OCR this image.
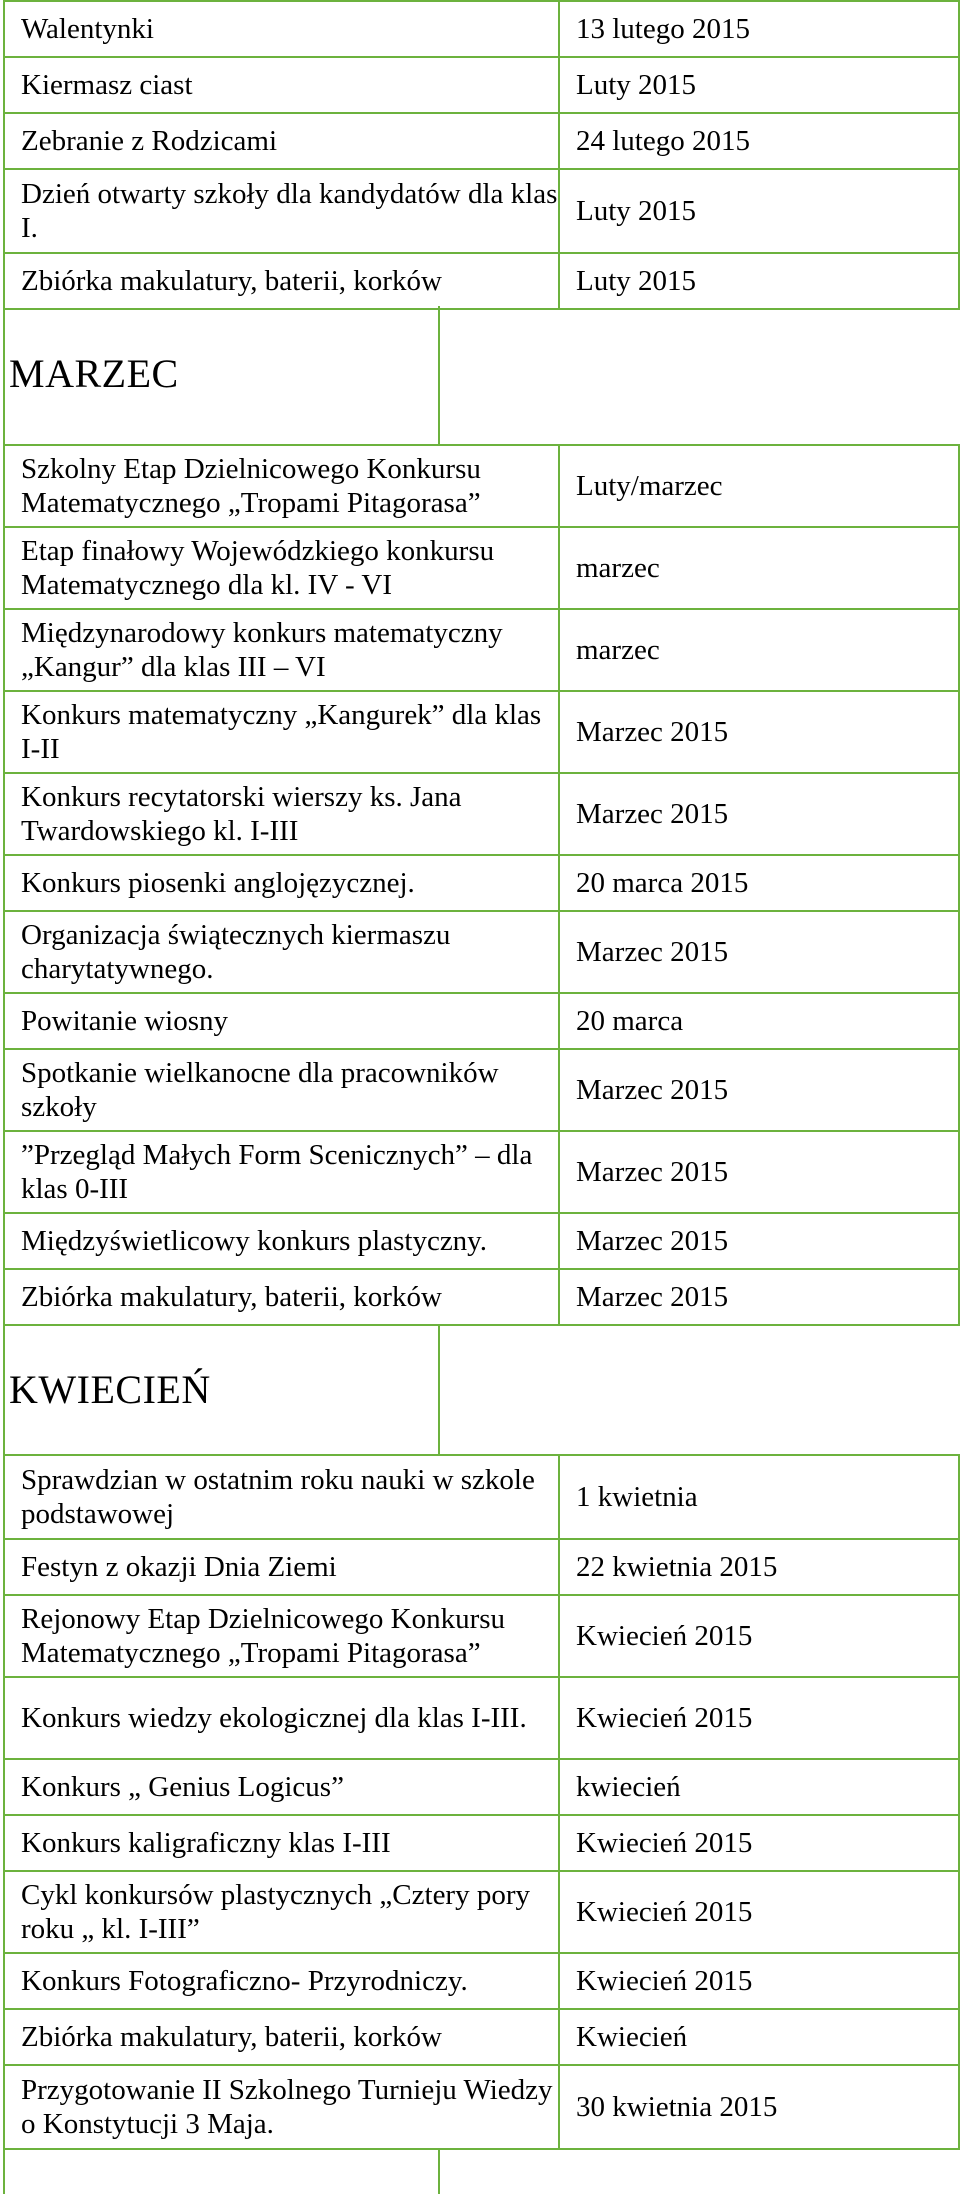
Walentynki	13 lutego 2015
Kiermasz ciast	Luty 2015
Zebranie z Rodzicami	24 lutego 2015
Dzień otwarty szkoły dla kandydatów dla klas I.	Luty 2015
Zbiórka makulatury, baterii, korków	Luty 2015
MARZEC
Szkolny Etap Dzielnicowego Konkursu Matematycznego „Tropami Pitagorasa”	Luty/marzec
Etap finałowy Wojewódzkiego konkursu Matematycznego dla kl. IV - VI	marzec
Międzynarodowy konkurs matematyczny „Kangur” dla klas III – VI	marzec
Konkurs matematyczny „Kangurek” dla klas I-II	Marzec 2015
Konkurs recytatorski wierszy ks. Jana Twardowskiego kl. I-III	Marzec 2015
Konkurs piosenki anglojęzycznej.	20 marca 2015
Organizacja świątecznych kiermaszu charytatywnego.	Marzec 2015
Powitanie wiosny	20 marca
Spotkanie wielkanocne dla pracowników szkoły	Marzec 2015
”Przegląd Małych Form Scenicznych” – dla klas 0-III	Marzec 2015
Międzyświetlicowy konkurs plastyczny.	Marzec 2015
Zbiórka makulatury, baterii, korków	Marzec 2015
KWIECIEŃ
Sprawdzian w ostatnim roku nauki w szkole podstawowej	1 kwietnia
Festyn z okazji Dnia Ziemi	22 kwietnia 2015
Rejonowy Etap Dzielnicowego Konkursu Matematycznego „Tropami Pitagorasa”	Kwiecień 2015
Konkurs wiedzy ekologicznej dla klas I-III.	Kwiecień 2015
Konkurs „ Genius Logicus”	kwiecień
Konkurs kaligraficzny klas I-III	Kwiecień 2015
Cykl konkursów plastycznych „Cztery pory roku „ kl. I-III”	Kwiecień 2015
Konkurs Fotograficzno- Przyrodniczy.	Kwiecień 2015
Zbiórka makulatury, baterii, korków	Kwiecień
Przygotowanie II Szkolnego Turnieju Wiedzy o Konstytucji 3 Maja.	30 kwietnia 2015
